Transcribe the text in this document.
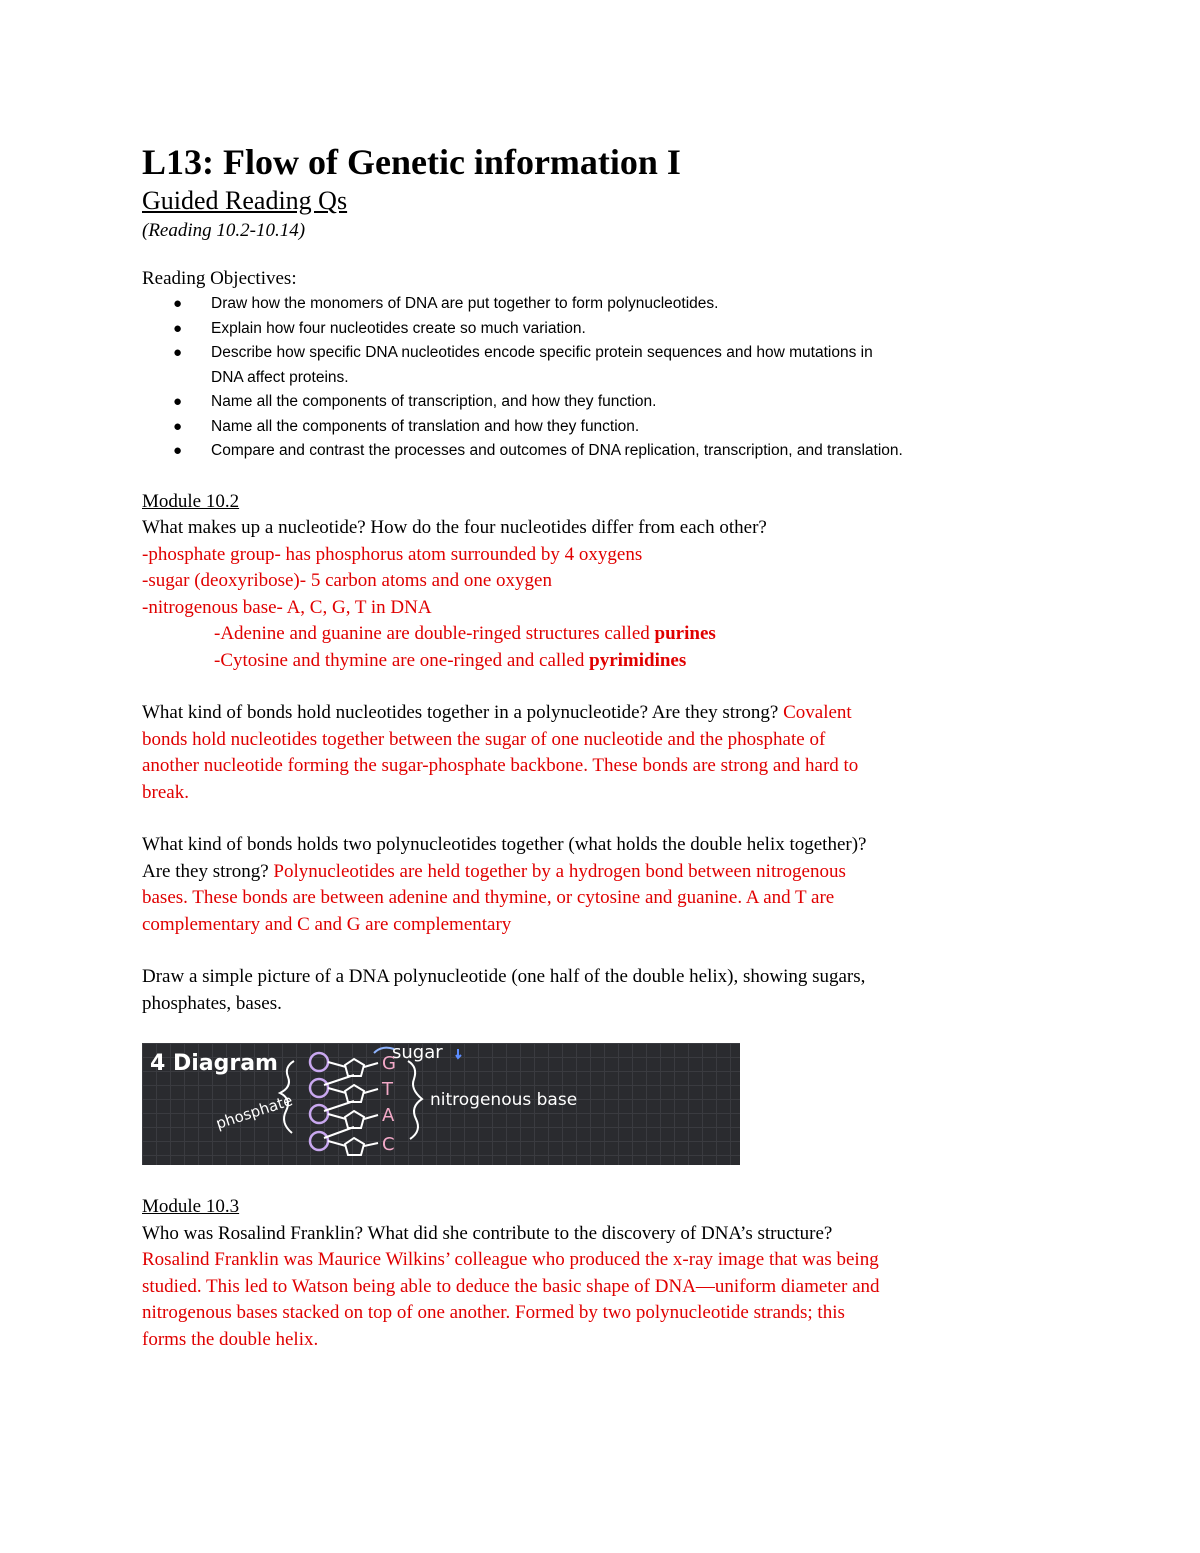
L13: Flow of Genetic information I
Guided Reading Qs
(Reading 10.2-10.14)
Reading Objectives:
● Draw how the monomers of DNA are put together to form polynucleotides.
● Explain how four nucleotides create so much variation.
● Describe how specific DNA nucleotides encode specific protein sequences and how mutations in
DNA affect proteins.
● Name all the components of transcription, and how they function.
● Name all the components of translation and how they function.
● Compare and contrast the processes and outcomes of DNA replication, transcription, and translation.
Module 10.2
What makes up a nucleotide? How do the four nucleotides differ from each other?
-phosphate group- has phosphorus atom surrounded by 4 oxygens
-sugar (deoxyribose)- 5 carbon atoms and one oxygen
-nitrogenous base- A, C, G, T in DNA
-Adenine and guanine are double-ringed structures called purines
-Cytosine and thymine are one-ringed and called pyrimidines
What kind of bonds hold nucleotides together in a polynucleotide? Are they strong? Covalent
bonds hold nucleotides together between the sugar of one nucleotide and the phosphate of
another nucleotide forming the sugar-phosphate backbone. These bonds are strong and hard to
break.
What kind of bonds holds two polynucleotides together (what holds the double helix together)?
Are they strong? Polynucleotides are held together by a hydrogen bond between nitrogenous
bases. These bonds are between adenine and thymine, or cytosine and guanine. A and T are
complementary and C and G are complementary
Draw a simple picture of a DNA polynucleotide (one half of the double helix), showing sugars,
phosphates, bases.
4 Diagram
phosphate
sugar
G
T
A
C
nitrogenous base
Module 10.3
Who was Rosalind Franklin? What did she contribute to the discovery of DNA’s structure?
Rosalind Franklin was Maurice Wilkins’ colleague who produced the x-ray image that was being
studied. This led to Watson being able to deduce the basic shape of DNA—uniform diameter and
nitrogenous bases stacked on top of one another. Formed by two polynucleotide strands; this
forms the double helix.
